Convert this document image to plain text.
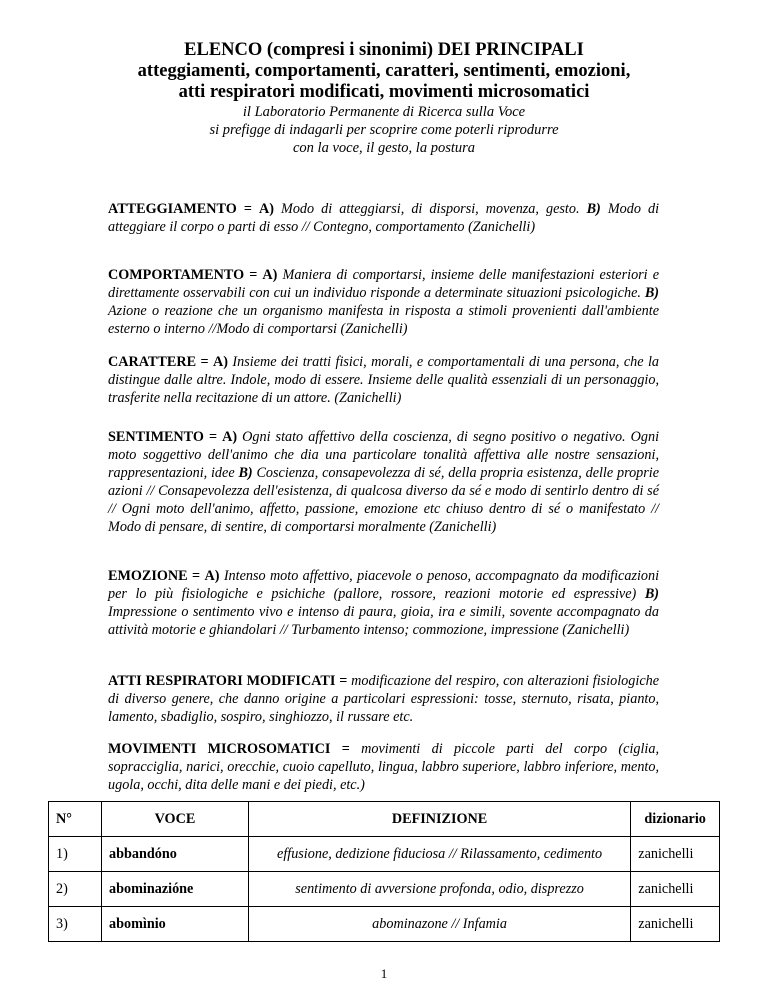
ELENCO (compresi i sinonimi) DEI PRINCIPALI
atteggiamenti, comportamenti, caratteri, sentimenti, emozioni,
atti respiratori modificati, movimenti microsomatici
il Laboratorio Permanente di Ricerca sulla Voce
si prefigge di indagarli per scoprire come poterli riprodurre
con la voce, il gesto, la postura
ATTEGGIAMENTO = A) Modo di atteggiarsi, di disporsi, movenza, gesto. B) Modo di atteggiare il corpo o parti di esso // Contegno, comportamento (Zanichelli)
COMPORTAMENTO = A) Maniera di comportarsi, insieme delle manifestazioni esteriori e direttamente osservabili con cui un individuo risponde a determinate situazioni psicologiche. B) Azione o reazione che un organismo manifesta in risposta a stimoli provenienti dall'ambiente esterno o interno //Modo di comportarsi (Zanichelli)
CARATTERE = A) Insieme dei tratti fisici, morali, e comportamentali di una persona, che la distingue dalle altre. Indole, modo di essere. Insieme delle qualità essenziali di un personaggio, trasferite nella recitazione di un attore. (Zanichelli)
SENTIMENTO = A) Ogni stato affettivo della coscienza, di segno positivo o negativo. Ogni moto soggettivo dell'animo che dia una particolare tonalità affettiva alle nostre sensazioni, rappresentazioni, idee B) Coscienza, consapevolezza di sé, della propria esistenza, delle proprie azioni // Consapevolezza dell'esistenza, di qualcosa diverso da sé e modo di sentirlo dentro di sé // Ogni moto dell'animo, affetto, passione, emozione etc chiuso dentro di sé o manifestato // Modo di pensare, di sentire, di comportarsi moralmente (Zanichelli)
EMOZIONE = A) Intenso moto affettivo, piacevole o penoso, accompagnato da modificazioni per lo più fisiologiche e psichiche (pallore, rossore, reazioni motorie ed espressive) B) Impressione o sentimento vivo e intenso di paura, gioia, ira e simili, sovente accompagnato da attività motorie e ghiandolari // Turbamento intenso; commozione, impressione (Zanichelli)
ATTI RESPIRATORI MODIFICATI = modificazione del respiro, con alterazioni fisiologiche di diverso genere, che danno origine a particolari espressioni: tosse, sternuto, risata, pianto, lamento, sbadiglio, sospiro, singhiozzo, il russare etc.
MOVIMENTI MICROSOMATICI = movimenti di piccole parti del corpo (ciglia, sopracciglia, narici, orecchie, cuoio capelluto, lingua, labbro superiore, labbro inferiore, mento, ugola, occhi, dita delle mani e dei piedi, etc.)
N°	VOCE	DEFINIZIONE	dizionario
1)	abbandóno	effusione, dedizione fiduciosa // Rilassamento, cedimento	zanichelli
2)	abominazióne	sentimento di avversione profonda, odio, disprezzo	zanichelli
3)	abomìnio	abominazone // Infamia	zanichelli
1
